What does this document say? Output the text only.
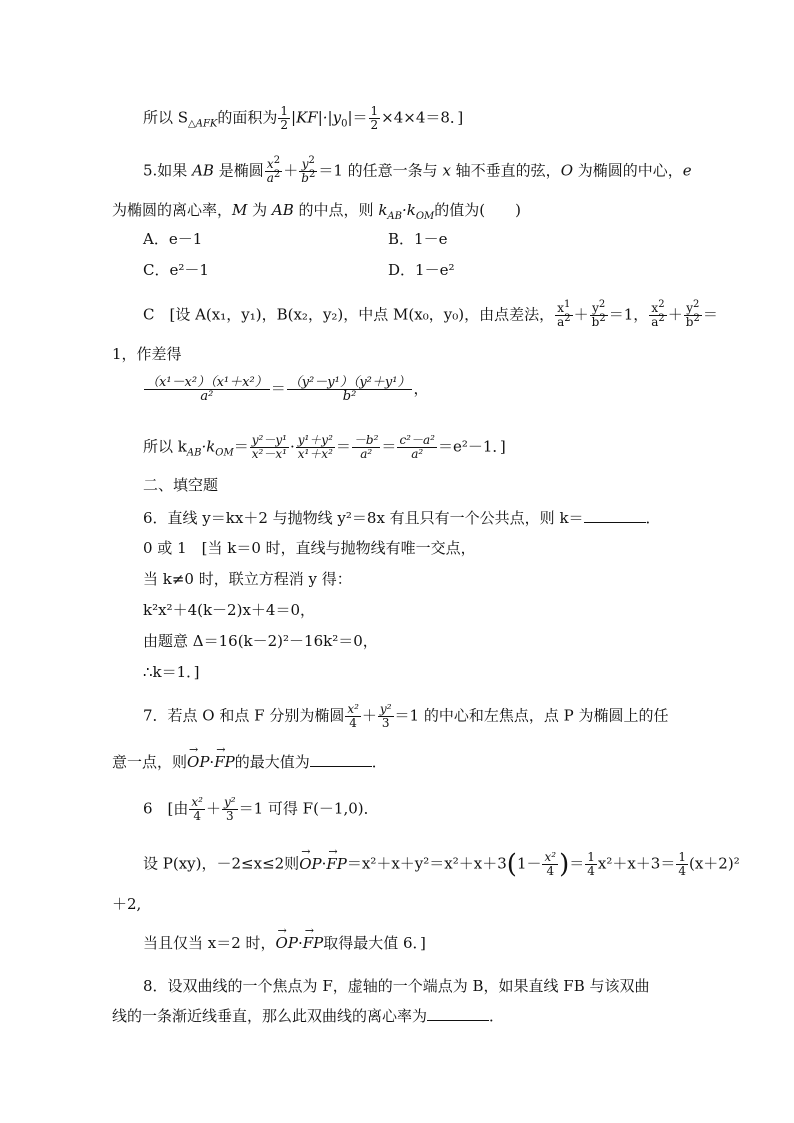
所以 $S_{\triangle AFK}$的面积为 $\frac{1}{2} |KF|\cdot|y_0|= \frac{1}{2} \times 4\times 4=8$．]
5.如果 AB 是椭圆 $\frac{x^2}{a^2} + \frac{y^2}{b^2} =1$ 的任意一条与 x 轴不垂直的弦，O 为椭圆的中心，e
为椭圆的离心率，M 为 AB 的中点，则 $k_{AB}\cdot k_{OM}$的值为(　　)
A．e－1	B．1－e
C．e²－1	D．1－e²
C　[设 A(x₁，y₁)，B(x₂，y₂)，中点 M(x₀，y₀)，由点差法， $\frac{x^1}{a^2} + \frac{y^2}{b^2} =1$， $\frac{x^2}{a^2} + \frac{y^2}{b^2}$ ＝
1，作差得
$\frac{\text{（x¹－x²）（x¹＋x²）}}{\text{a²}} = \frac{\text{（y²－y¹）（y²＋y¹）}}{\text{b²}}$ ，
所以 $k_{AB}\cdot k_{OM}= \frac{\text{y²－y¹}}{\text{x²－x¹}} \cdot \frac{\text{y¹＋y²}}{\text{x¹＋x²}} = \frac{\text{－b²}}{\text{a²}} = \frac{\text{c²－a²}}{\text{a²}} =e^2-1$．]
二、填空题
6．直线 y＝kx＋2 与抛物线 y²＝8x 有且只有一个公共点，则 k＝	．
0 或 1　[当 k＝0 时，直线与抛物线有唯一交点，
当 k≠0 时，联立方程消 y 得：
k²x²＋4(k－2)x＋4＝0，
由题意 Δ＝16(k－2)²－16k²＝0，
∴k＝1．]
7．若点 O 和点 F 分别为椭圆 $\frac{\text{x²}}{4} + \frac{\text{y²}}{3} =1$ 的中心和左焦点，点 P 为椭圆上的任
意一点，则→ OP·→ FP的最大值为	．
6　[由 $\frac{\text{x²}}{4} + \frac{\text{y²}}{3} =1$ 可得 F(－1,0)．
设 P(xy)，－2≤x≤2则→ $OP\cdot\to FP=x^2+x+y^2=x^2+x+3(1- \frac{\text{x²}}{4}$ )＝ $\frac{1}{4} x^2+x+3= \frac{1}{4} (x+2)^2$
＋2,
当且仅当 x＝2 时，→ OP·→ FP取得最大值 6．]
8．设双曲线的一个焦点为 F，虚轴的一个端点为 B，如果直线 FB 与该双曲
线的一条渐近线垂直，那么此双曲线的离心率为	．
